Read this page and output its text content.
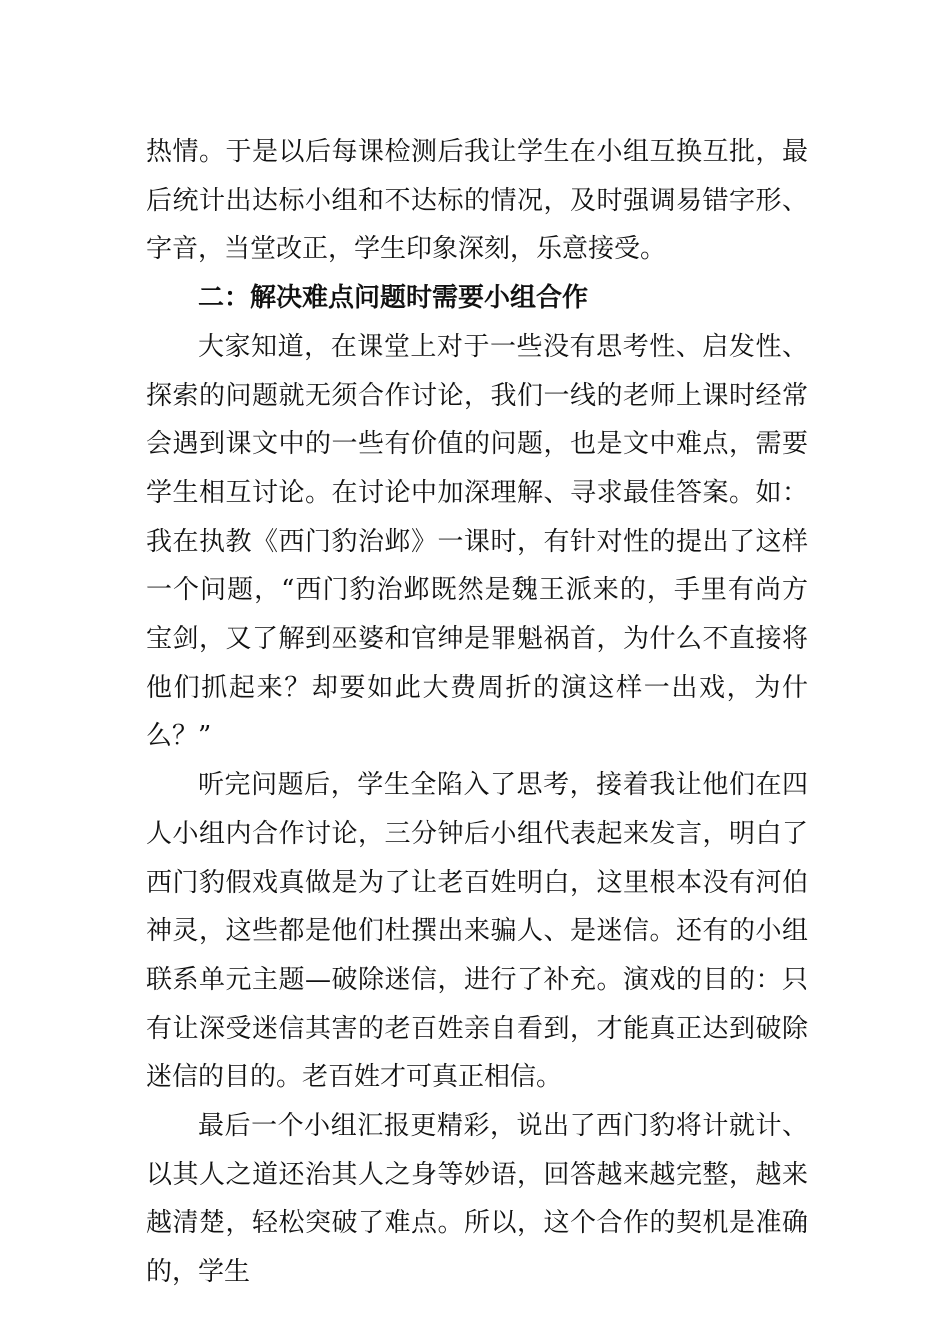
热情。于是以后每课检测后我让学生在小组互换互批，最后统计出达标小组和不达标的情况，及时强调易错字形、字音，当堂改正，学生印象深刻，乐意接受。

二：解决难点问题时需要小组合作

大家知道，在课堂上对于一些没有思考性、启发性、探索的问题就无须合作讨论，我们一线的老师上课时经常会遇到课文中的一些有价值的问题，也是文中难点，需要学生相互讨论。在讨论中加深理解、寻求最佳答案。如：我在执教《西门豹治邺》一课时，有针对性的提出了这样一个问题，“西门豹治邺既然是魏王派来的，手里有尚方宝剑，又了解到巫婆和官绅是罪魁祸首，为什么不直接将他们抓起来？却要如此大费周折的演这样一出戏，为什么？”

听完问题后，学生全陷入了思考，接着我让他们在四人小组内合作讨论，三分钟后小组代表起来发言，明白了西门豹假戏真做是为了让老百姓明白，这里根本没有河伯神灵，这些都是他们杜撰出来骗人、是迷信。还有的小组联系单元主题—破除迷信，进行了补充。演戏的目的：只有让深受迷信其害的老百姓亲自看到，才能真正达到破除迷信的目的。老百姓才可真正相信。

最后一个小组汇报更精彩，说出了西门豹将计就计、以其人之道还治其人之身等妙语，回答越来越完整，越来越清楚，轻松突破了难点。所以，这个合作的契机是准确的，学生
